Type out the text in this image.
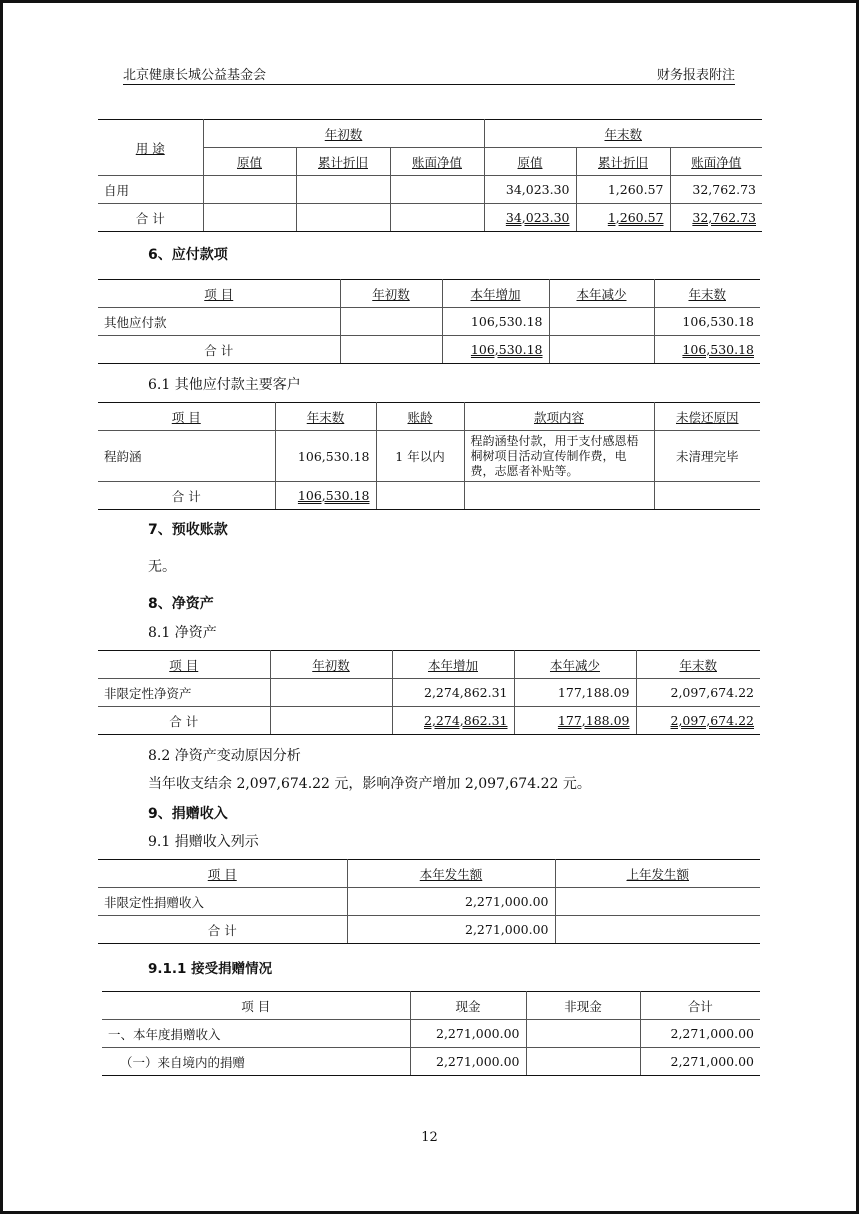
北京健康长城公益基金会	财务报表附注
用 途	年初数			年末数		
	原值	累计折旧	账面净值	原值	累计折旧	账面净值
自用				34,023.30	1,260.57	32,762.73
合 计				34,023.30	1,260.57	32,762.73
6、应付款项
项 目	年初数	本年增加	本年减少	年末数
其他应付款		106,530.18		106,530.18
合 计		106,530.18		106,530.18
6.1 其他应付款主要客户
项 目	年末数	账龄	款项内容	未偿还原因
程韵涵	106,530.18	1 年以内	程韵涵垫付款，用于支付感恩梧桐树项目活动宣传制作费，电费，志愿者补贴等。	未清理完毕
合 计	106,530.18			
7、预收账款
无。
8、净资产
8.1 净资产
项 目	年初数	本年增加	本年减少	年末数
非限定性净资产		2,274,862.31	177,188.09	2,097,674.22
合 计		2,274,862.31	177,188.09	2,097,674.22
8.2 净资产变动原因分析
当年收支结余 2,097,674.22 元，影响净资产增加 2,097,674.22 元。
9、捐赠收入
9.1 捐赠收入列示
项 目	本年发生额	上年发生额
非限定性捐赠收入	2,271,000.00	
合 计	2,271,000.00	
9.1.1 接受捐赠情况
项 目	现金	非现金	合计
一、本年度捐赠收入	2,271,000.00		2,271,000.00
（一）来自境内的捐赠	2,271,000.00		2,271,000.00
12
